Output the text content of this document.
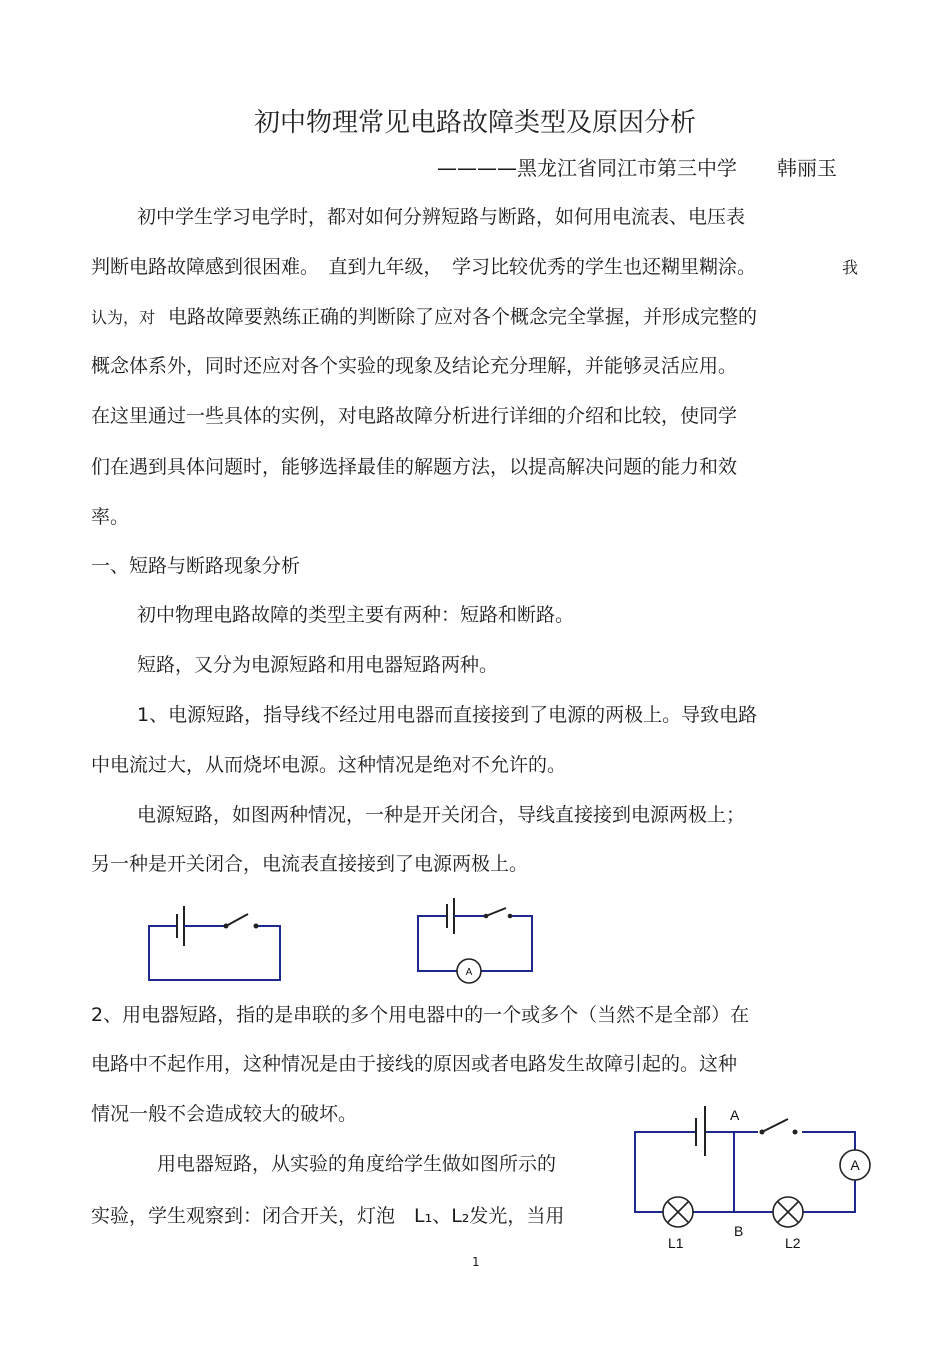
初中物理常见电路故障类型及原因分析
————黑龙江省同江市第三中学　　韩丽玉
初中学生学习电学时，都对如何分辨短路与断路，如何用电流表、电压表
判断电路故障感到很困难。　直到九年级，　学习比较优秀的学生也还糊里糊涂。	我
认为，对 电路故障要熟练正确的判断除了应对各个概念完全掌握，并形成完整的
概念体系外，同时还应对各个实验的现象及结论充分理解，并能够灵活应用。
在这里通过一些具体的实例，对电路故障分析进行详细的介绍和比较，使同学
们在遇到具体问题时，能够选择最佳的解题方法，以提高解决问题的能力和效
率。
一、短路与断路现象分析
初中物理电路故障的类型主要有两种：短路和断路。
短路，又分为电源短路和用电器短路两种。
1、电源短路，指导线不经过用电器而直接接到了电源的两极上。导致电路
中电流过大，从而烧坏电源。这种情况是绝对不允许的。
电源短路，如图两种情况，一种是开关闭合，导线直接接到电源两极上；
另一种是开关闭合，电流表直接接到了电源两极上。
A
2、用电器短路，指的是串联的多个用电器中的一个或多个（当然不是全部）在
电路中不起作用，这种情况是由于接线的原因或者电路发生故障引起的。这种
情况一般不会造成较大的破坏。
用电器短路，从实验的角度给学生做如图所示的
实验，学生观察到：闭合开关，灯泡　L₁、L₂发光，当用
A
A
B
L1	L2
1
